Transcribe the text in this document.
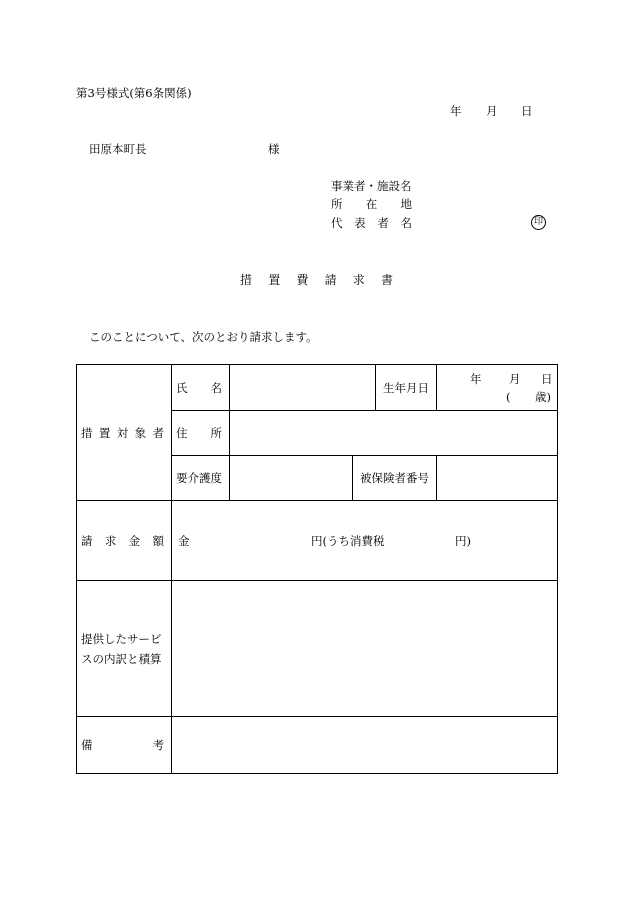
第3号様式(第6条関係)
年 月 日
田原本町長	様
事業者・施設名
所 在 地
代 表 者 名	印
措 置 費 請 求 書
このことについて、次のとおり請求します。
措 置 対 象 者	氏 名			生年月日	年 月 日
( 歳)

	住 所				

	要介護度		被保険者番号		

請 求 金 額	金 円(うち消費税 円)				

提供したサービ
スの内訳と積算					

備 考					
